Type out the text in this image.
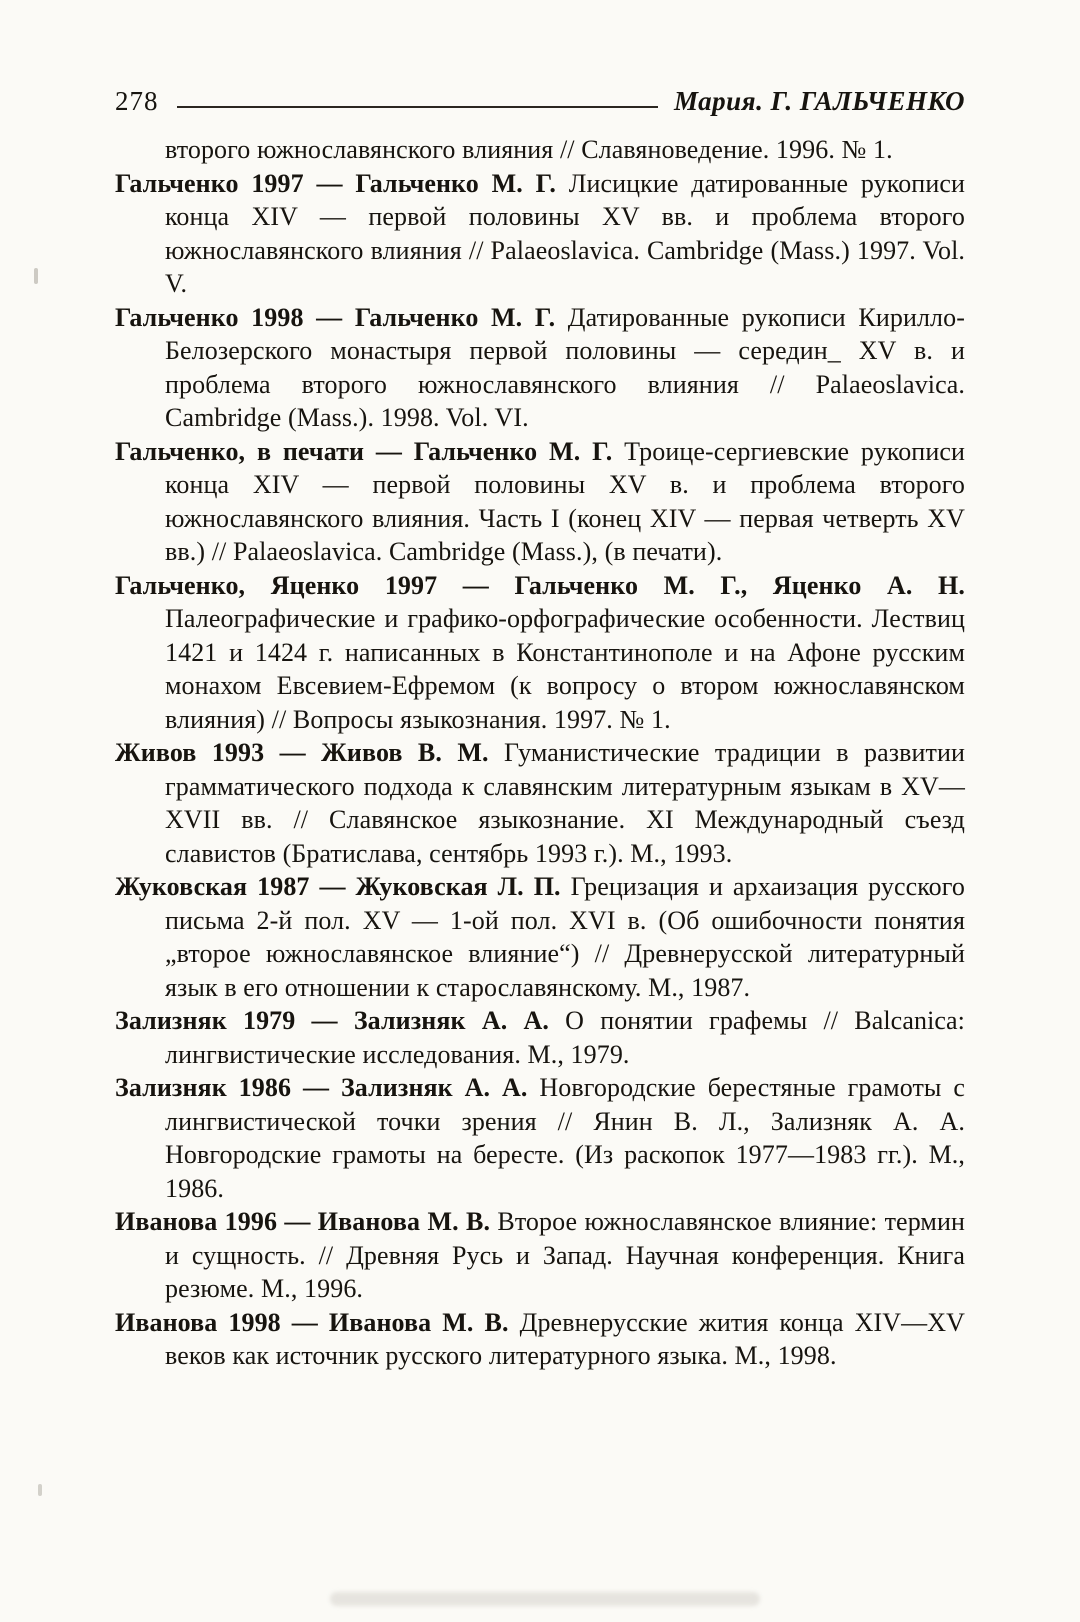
278	Мария. Г. ГАЛЬЧЕНКО

второго южнославянского влияния // Славяноведение. 1996. № 1.

Гальченко 1997 — Гальченко М. Г. Лисицкие датированные рукописи конца XIV — первой половины XV вв. и проблема второго южнославянского влияния // Palaeoslavica. Cambridge (Mass.) 1997. Vol. V.

Гальченко 1998 — Гальченко М. Г. Датированные рукописи Кирилло-Белозерского монастыря первой половины — середин_ XV в. и проблема второго южнославянского влияния // Palaeoslavica. Cambridge (Mass.). 1998. Vol. VI.

Гальченко, в печати — Гальченко М. Г. Троице-сергиевские рукописи конца XIV — первой половины XV в. и проблема второго южнославянского влияния. Часть I (конец XIV — первая четверть XV вв.) // Palaeoslavica. Cambridge (Mass.), (в печати).

Гальченко, Яценко 1997 — Гальченко М. Г., Яценко А. Н. Палеографические и графико-орфографические особенности. Лествиц 1421 и 1424 г. написанных в Константинополе и на Афоне русским монахом Евсевием-Ефремом (к вопросу о втором южнославянском влияния) // Вопросы языкознания. 1997. № 1.

Живов 1993 — Живов В. М. Гуманистические традиции в развитии грамматического подхода к славянским литературным языкам в XV—XVII вв. // Славянское языкознание. XI Международный съезд славистов (Братислава, сентябрь 1993 г.). М., 1993.

Жуковская 1987 — Жуковская Л. П. Грецизация и архаизация русского письма 2-й пол. XV — 1-ой пол. XVI в. (Об ошибочности понятия „второе южнославянское влияние“) // Древнерусской литературный язык в его отношении к старославянскому. М., 1987.

Зализняк 1979 — Зализняк А. А. О понятии графемы // Balcanica: лингвистические исследования. М., 1979.

Зализняк 1986 — Зализняк А. А. Новгородские берестяные грамоты с лингвистической точки зрения // Янин В. Л., Зализняк А. А. Новгородские грамоты на бересте. (Из раскопок 1977—1983 гг.). М., 1986.

Иванова 1996 — Иванова М. В. Второе южнославянское влияние: термин и сущность. // Древняя Русь и Запад. Научная конференция. Книга резюме. М., 1996.

Иванова 1998 — Иванова М. В. Древнерусские жития конца XIV—XV веков как источник русского литературного языка. М., 1998.
